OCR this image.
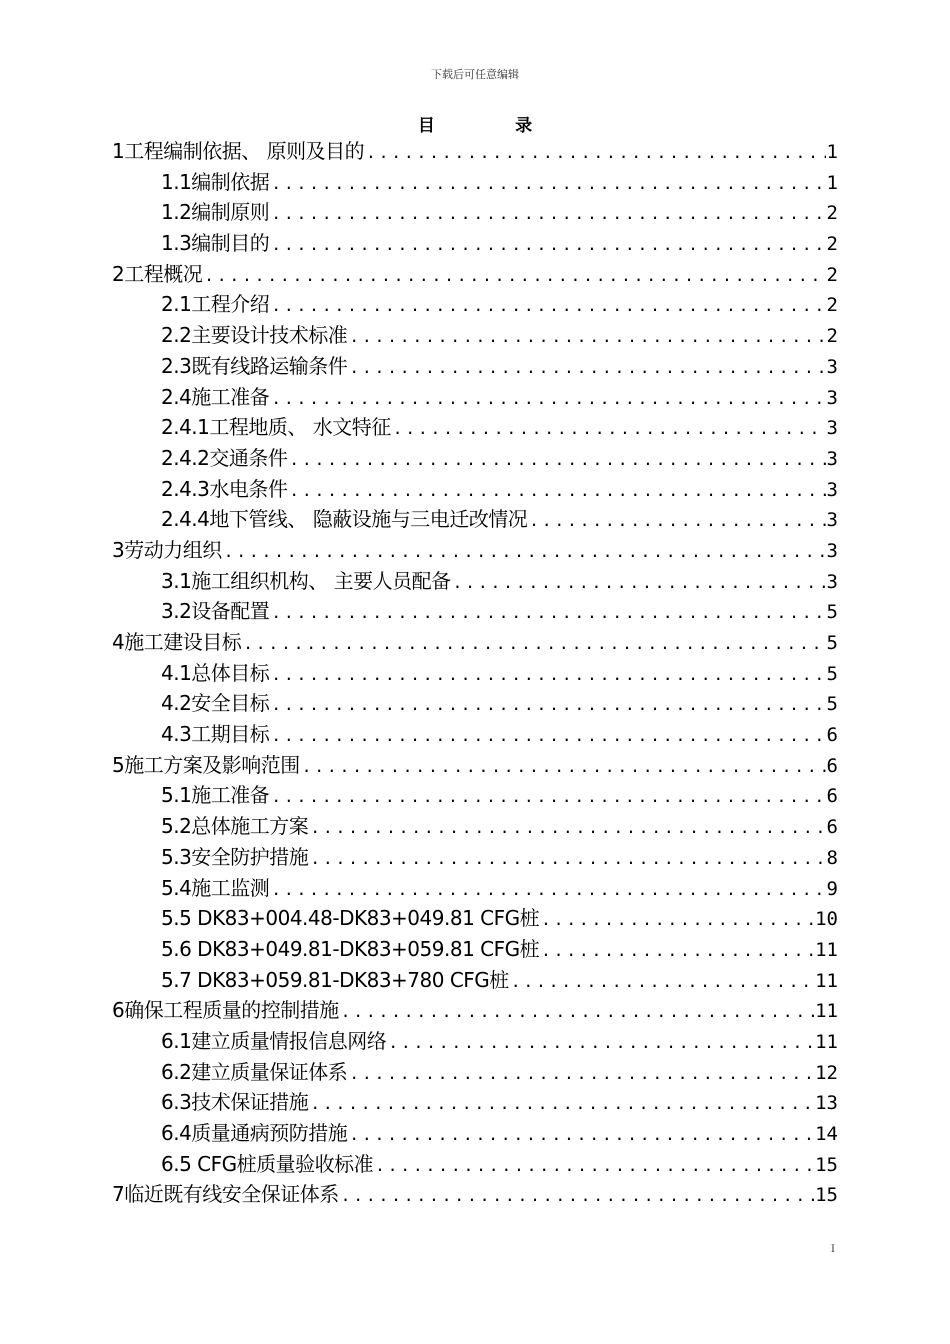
下载后可任意编辑
目 录
1工程编制依据、 原则及目的 .....	1
1.1编制依据 .....	1
1.2编制原则 .....	2
1.3编制目的 .....	2
2工程概况 .....	2
2.1工程介绍 .....	2
2.2主要设计技术标准 .....	2
2.3既有线路运输条件 .....	3
2.4施工准备 .....	3
2.4.1工程地质、 水文特征 .....	3
2.4.2交通条件 .....	3
2.4.3水电条件 .....	3
2.4.4地下管线、 隐蔽设施与三电迁改情况 .....	3
3劳动力组织 .....	3
3.1施工组织机构、 主要人员配备 .....	3
3.2设备配置 .....	5
4施工建设目标 .....	5
4.1总体目标 .....	5
4.2安全目标 .....	5
4.3工期目标 .....	6
5施工方案及影响范围 .....	6
5.1施工准备 .....	6
5.2总体施工方案 .....	6
5.3安全防护措施 .....	8
5.4施工监测 .....	9
5.5 DK83+004.48-DK83+049.81 CFG桩 .....	10
5.6 DK83+049.81-DK83+059.81 CFG桩 .....	11
5.7 DK83+059.81-DK83+780 CFG桩 .....	11
6确保工程质量的控制措施 .....	11
6.1建立质量情报信息网络 .....	11
6.2建立质量保证体系 .....	12
6.3技术保证措施 .....	13
6.4质量通病预防措施 .....	14
6.5 CFG桩质量验收标准 .....	15
7临近既有线安全保证体系 .....	15
I
